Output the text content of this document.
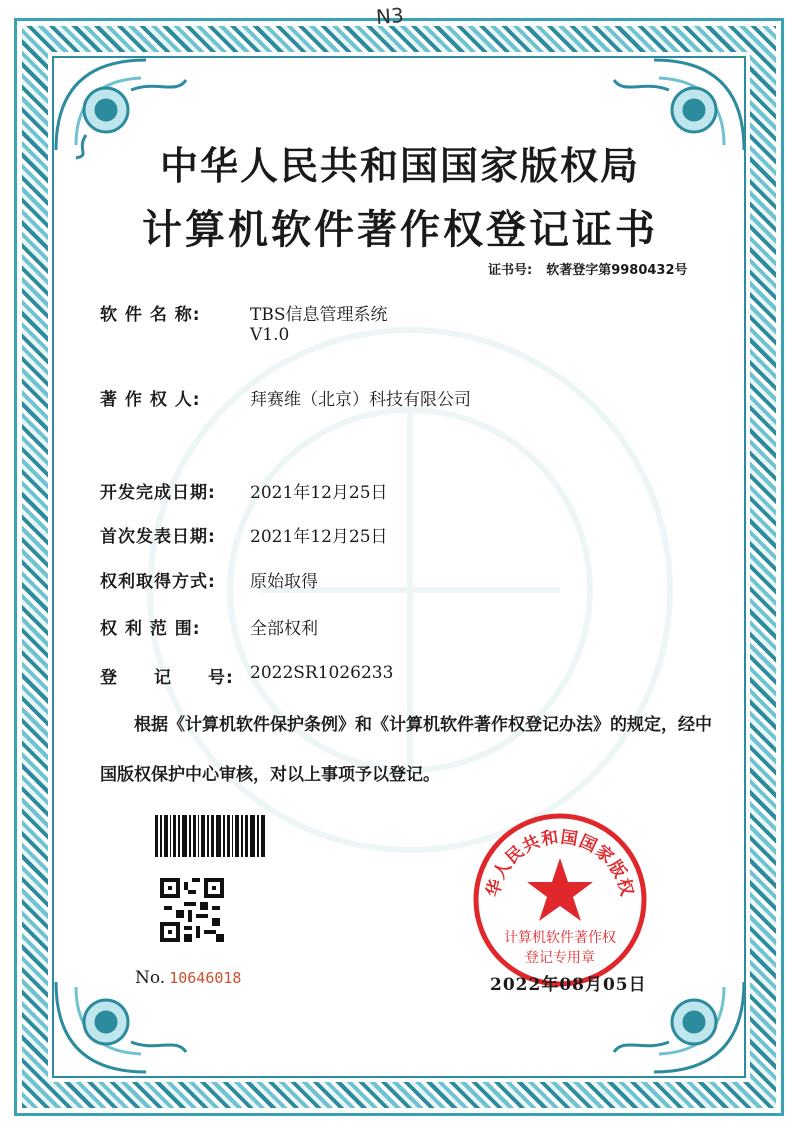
N3
中华人民共和国国家版权局
计算机软件著作权登记证书
证书号: 软著登字第9980432号
软 件 名 称:	TBS信息管理系统
V1.0
著 作 权 人:	拜赛维（北京）科技有限公司
开发完成日期: 2021年12月25日
首次发表日期: 2021年12月25日
权利取得方式: 原始取得
权 利 范 围:	全部权利
登　　记　　号: 2022SR1026233
根据《计算机软件保护条例》和《计算机软件著作权登记办法》的规定，经中国版权保护中心审核，对以上事项予以登记。
No. 10646018
华人民共和国国家版权
计算机软件著作权
登记专用章
2022年08月05日
